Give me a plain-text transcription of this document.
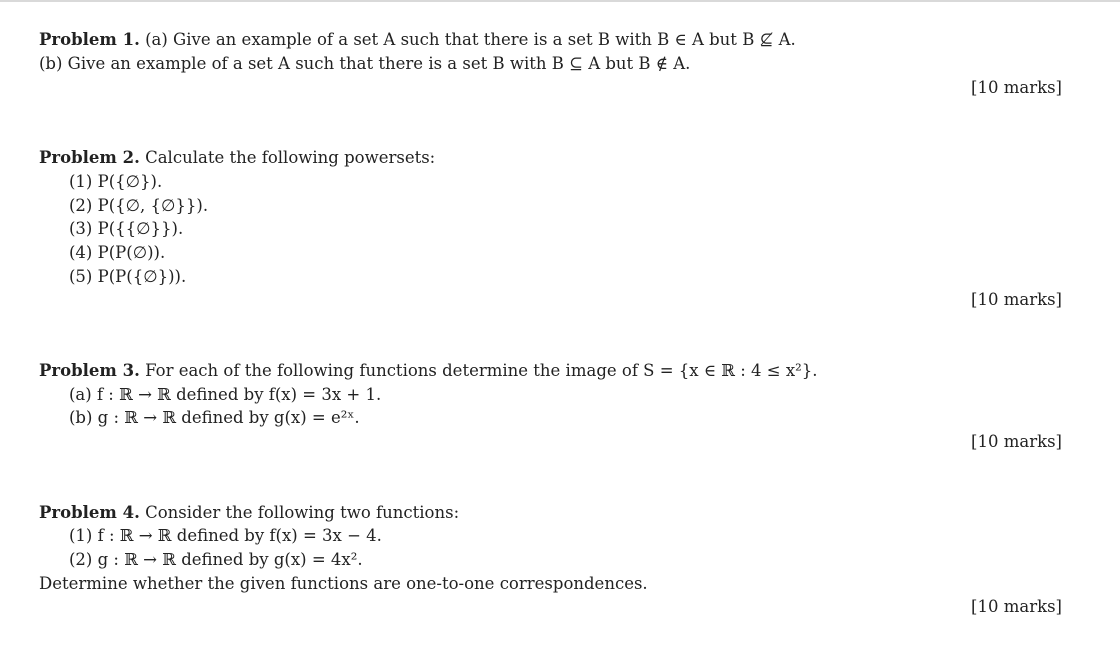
Problem 1. (a) Give an example of a set A such that there is a set B with B ∈ A but B ⊈ A.
(b) Give an example of a set A such that there is a set B with B ⊆ A but B ∉ A.
[10 marks]
Problem 2. Calculate the following powersets:
(1) P({∅}).
(2) P({∅, {∅}}).
(3) P({{∅}}).
(4) P(P(∅)).
(5) P(P({∅})).
[10 marks]
Problem 3. For each of the following functions determine the image of S = {x ∈ ℝ : 4 ≤ x²}.
(a) f : ℝ → ℝ defined by f(x) = 3x + 1.
(b) g : ℝ → ℝ defined by g(x) = e²ˣ.
[10 marks]
Problem 4. Consider the following two functions:
(1) f : ℝ → ℝ defined by f(x) = 3x − 4.
(2) g : ℝ → ℝ defined by g(x) = 4x².
Determine whether the given functions are one-to-one correspondences.
[10 marks]
